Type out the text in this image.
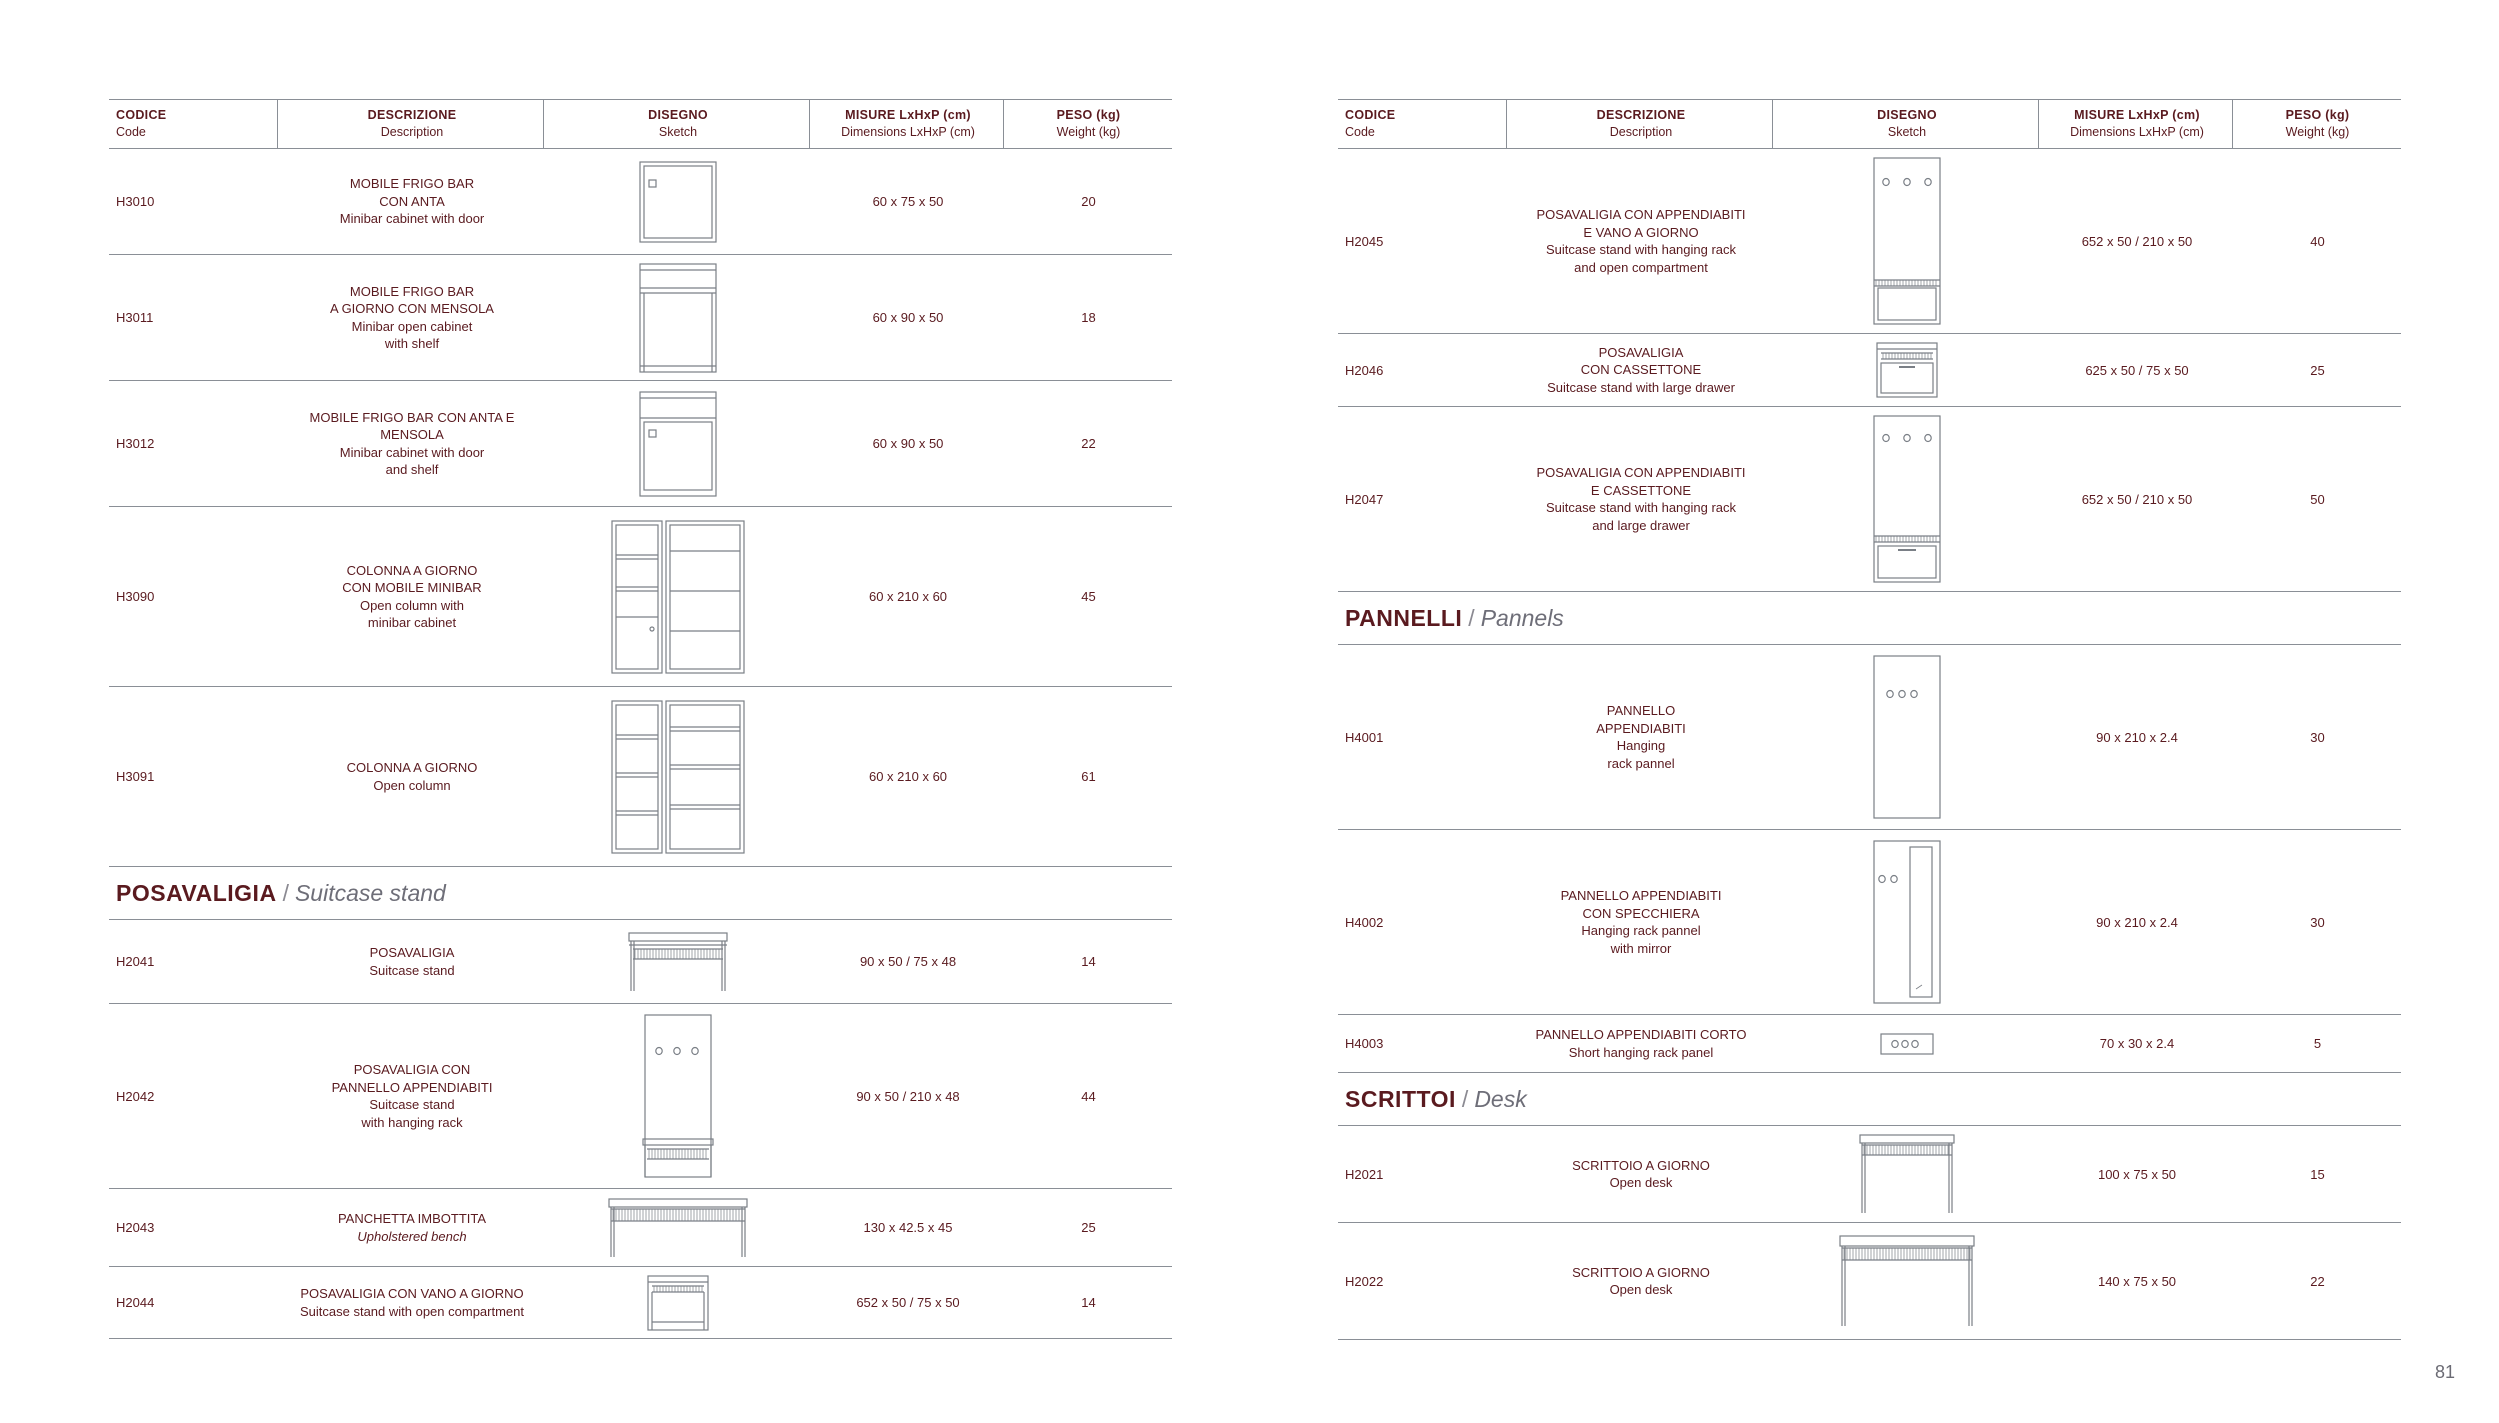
CODICE
Code
DESCRIZIONE
Description
DISEGNO
Sketch
MISURE LxHxP (cm)
Dimensions LxHxP (cm)
PESO (kg)
Weight (kg)
H3010
MOBILE FRIGO BAR
CON ANTA
Minibar cabinet with door
60 x 75 x 50	20
H3011
MOBILE FRIGO BAR
A GIORNO CON MENSOLA
Minibar open cabinet
with shelf
60 x 90 x 50	18
H3012
MOBILE FRIGO BAR CON ANTA E
MENSOLA
Minibar cabinet with door
and shelf
60 x 90 x 50	22
H3090
COLONNA A GIORNO
CON MOBILE MINIBAR
Open column with
minibar cabinet
60 x 210 x 60	45
H3091
COLONNA A GIORNO
Open column
60 x 210 x 60	61
POSAVALIGIA / Suitcase stand
H2041
POSAVALIGIA
Suitcase stand
90 x 50 / 75 x 48	14
H2042
POSAVALIGIA CON
PANNELLO APPENDIABITI
Suitcase stand
with hanging rack
90 x 50 / 210 x 48	44
H2043
PANCHETTA IMBOTTITA
Upholstered bench
130 x 42.5 x 45	25
H2044
POSAVALIGIA CON VANO A GIORNO
Suitcase stand with open compartment
652 x 50 / 75 x 50	14
CODICE
Code
DESCRIZIONE
Description
DISEGNO
Sketch
MISURE LxHxP (cm)
Dimensions LxHxP (cm)
PESO (kg)
Weight (kg)
H2045
POSAVALIGIA CON APPENDIABITI
E VANO A GIORNO
Suitcase stand with hanging rack
and open compartment
652 x 50 / 210 x 50	40
H2046
POSAVALIGIA
CON CASSETTONE
Suitcase stand with large drawer
625 x 50 / 75 x 50	25
H2047
POSAVALIGIA CON APPENDIABITI
E CASSETTONE
Suitcase stand with hanging rack
and large drawer
652 x 50 / 210 x 50	50
PANNELLI / Pannels
H4001
PANNELLO
APPENDIABITI
Hanging
rack pannel
90 x 210 x 2.4	30
H4002
PANNELLO APPENDIABITI
CON SPECCHIERA
Hanging rack pannel
with mirror
90 x 210 x 2.4	30
H4003
PANNELLO APPENDIABITI CORTO
Short hanging rack panel
70 x 30 x 2.4	5
SCRITTOI / Desk
H2021
SCRITTOIO A GIORNO
Open desk
100 x 75 x 50	15
H2022
SCRITTOIO A GIORNO
Open desk
140 x 75 x 50	22
81
